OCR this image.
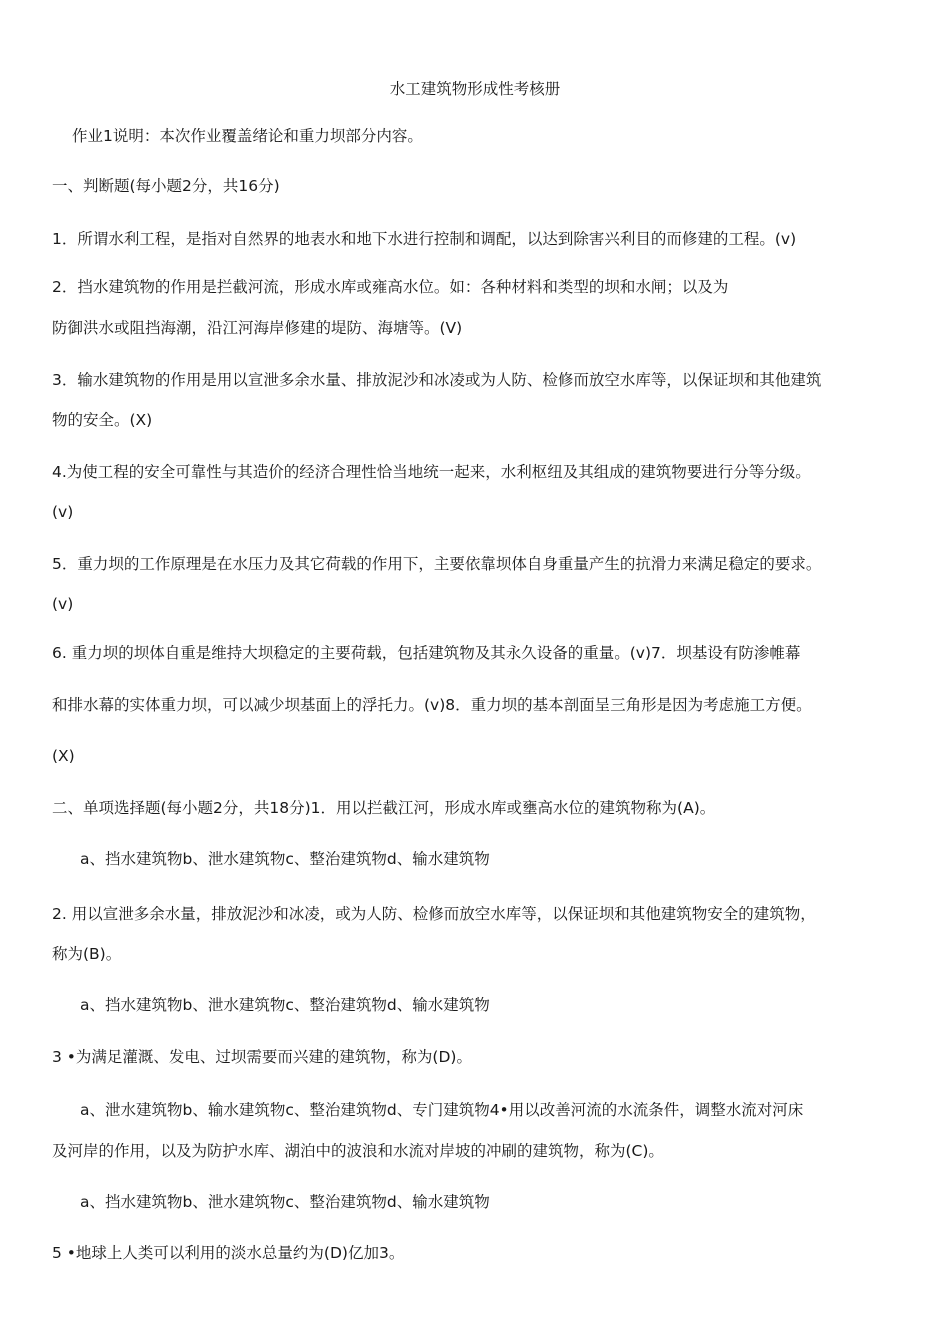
水工建筑物形成性考核册
作业1说明：本次作业覆盖绪论和重力坝部分内容。
一、判断题(每小题2分，共16分)
1．所谓水利工程，是指对自然界的地表水和地下水进行控制和调配，以达到除害兴利目的而修建的工程。(v)
2．挡水建筑物的作用是拦截河流，形成水库或雍高水位。如：各种材料和类型的坝和水闸；以及为
防御洪水或阻挡海潮，沿江河海岸修建的堤防、海塘等。(V)
3．输水建筑物的作用是用以宣泄多余水量、排放泥沙和冰凌或为人防、检修而放空水库等，以保证坝和其他建筑
物的安全。(X)
4.为使工程的安全可靠性与其造价的经济合理性恰当地统一起来，水利枢纽及其组成的建筑物要进行分等分级。
(v)
5．重力坝的工作原理是在水压力及其它荷载的作用下，主要依靠坝体自身重量产生的抗滑力来满足稳定的要求。
(v)
6. 重力坝的坝体自重是维持大坝稳定的主要荷载，包括建筑物及其永久设备的重量。(v)7．坝基设有防渗帷幕
和排水幕的实体重力坝，可以减少坝基面上的浮托力。(v)8．重力坝的基本剖面呈三角形是因为考虑施工方便。
(X)
二、单项选择题(每小题2分，共18分)1．用以拦截江河，形成水库或壅高水位的建筑物称为(A)。
a、挡水建筑物b、泄水建筑物c、整治建筑物d、输水建筑物
2. 用以宣泄多余水量，排放泥沙和冰凌，或为人防、检修而放空水库等，以保证坝和其他建筑物安全的建筑物，
称为(B)。
a、挡水建筑物b、泄水建筑物c、整治建筑物d、输水建筑物
3 •为满足灌溉、发电、过坝需要而兴建的建筑物，称为(D)。
a、泄水建筑物b、输水建筑物c、整治建筑物d、专门建筑物4•用以改善河流的水流条件，调整水流对河床
及河岸的作用，以及为防护水库、湖泊中的波浪和水流对岸坡的冲刷的建筑物，称为(C)。
a、挡水建筑物b、泄水建筑物c、整治建筑物d、输水建筑物
5 •地球上人类可以利用的淡水总量约为(D)亿加3。
